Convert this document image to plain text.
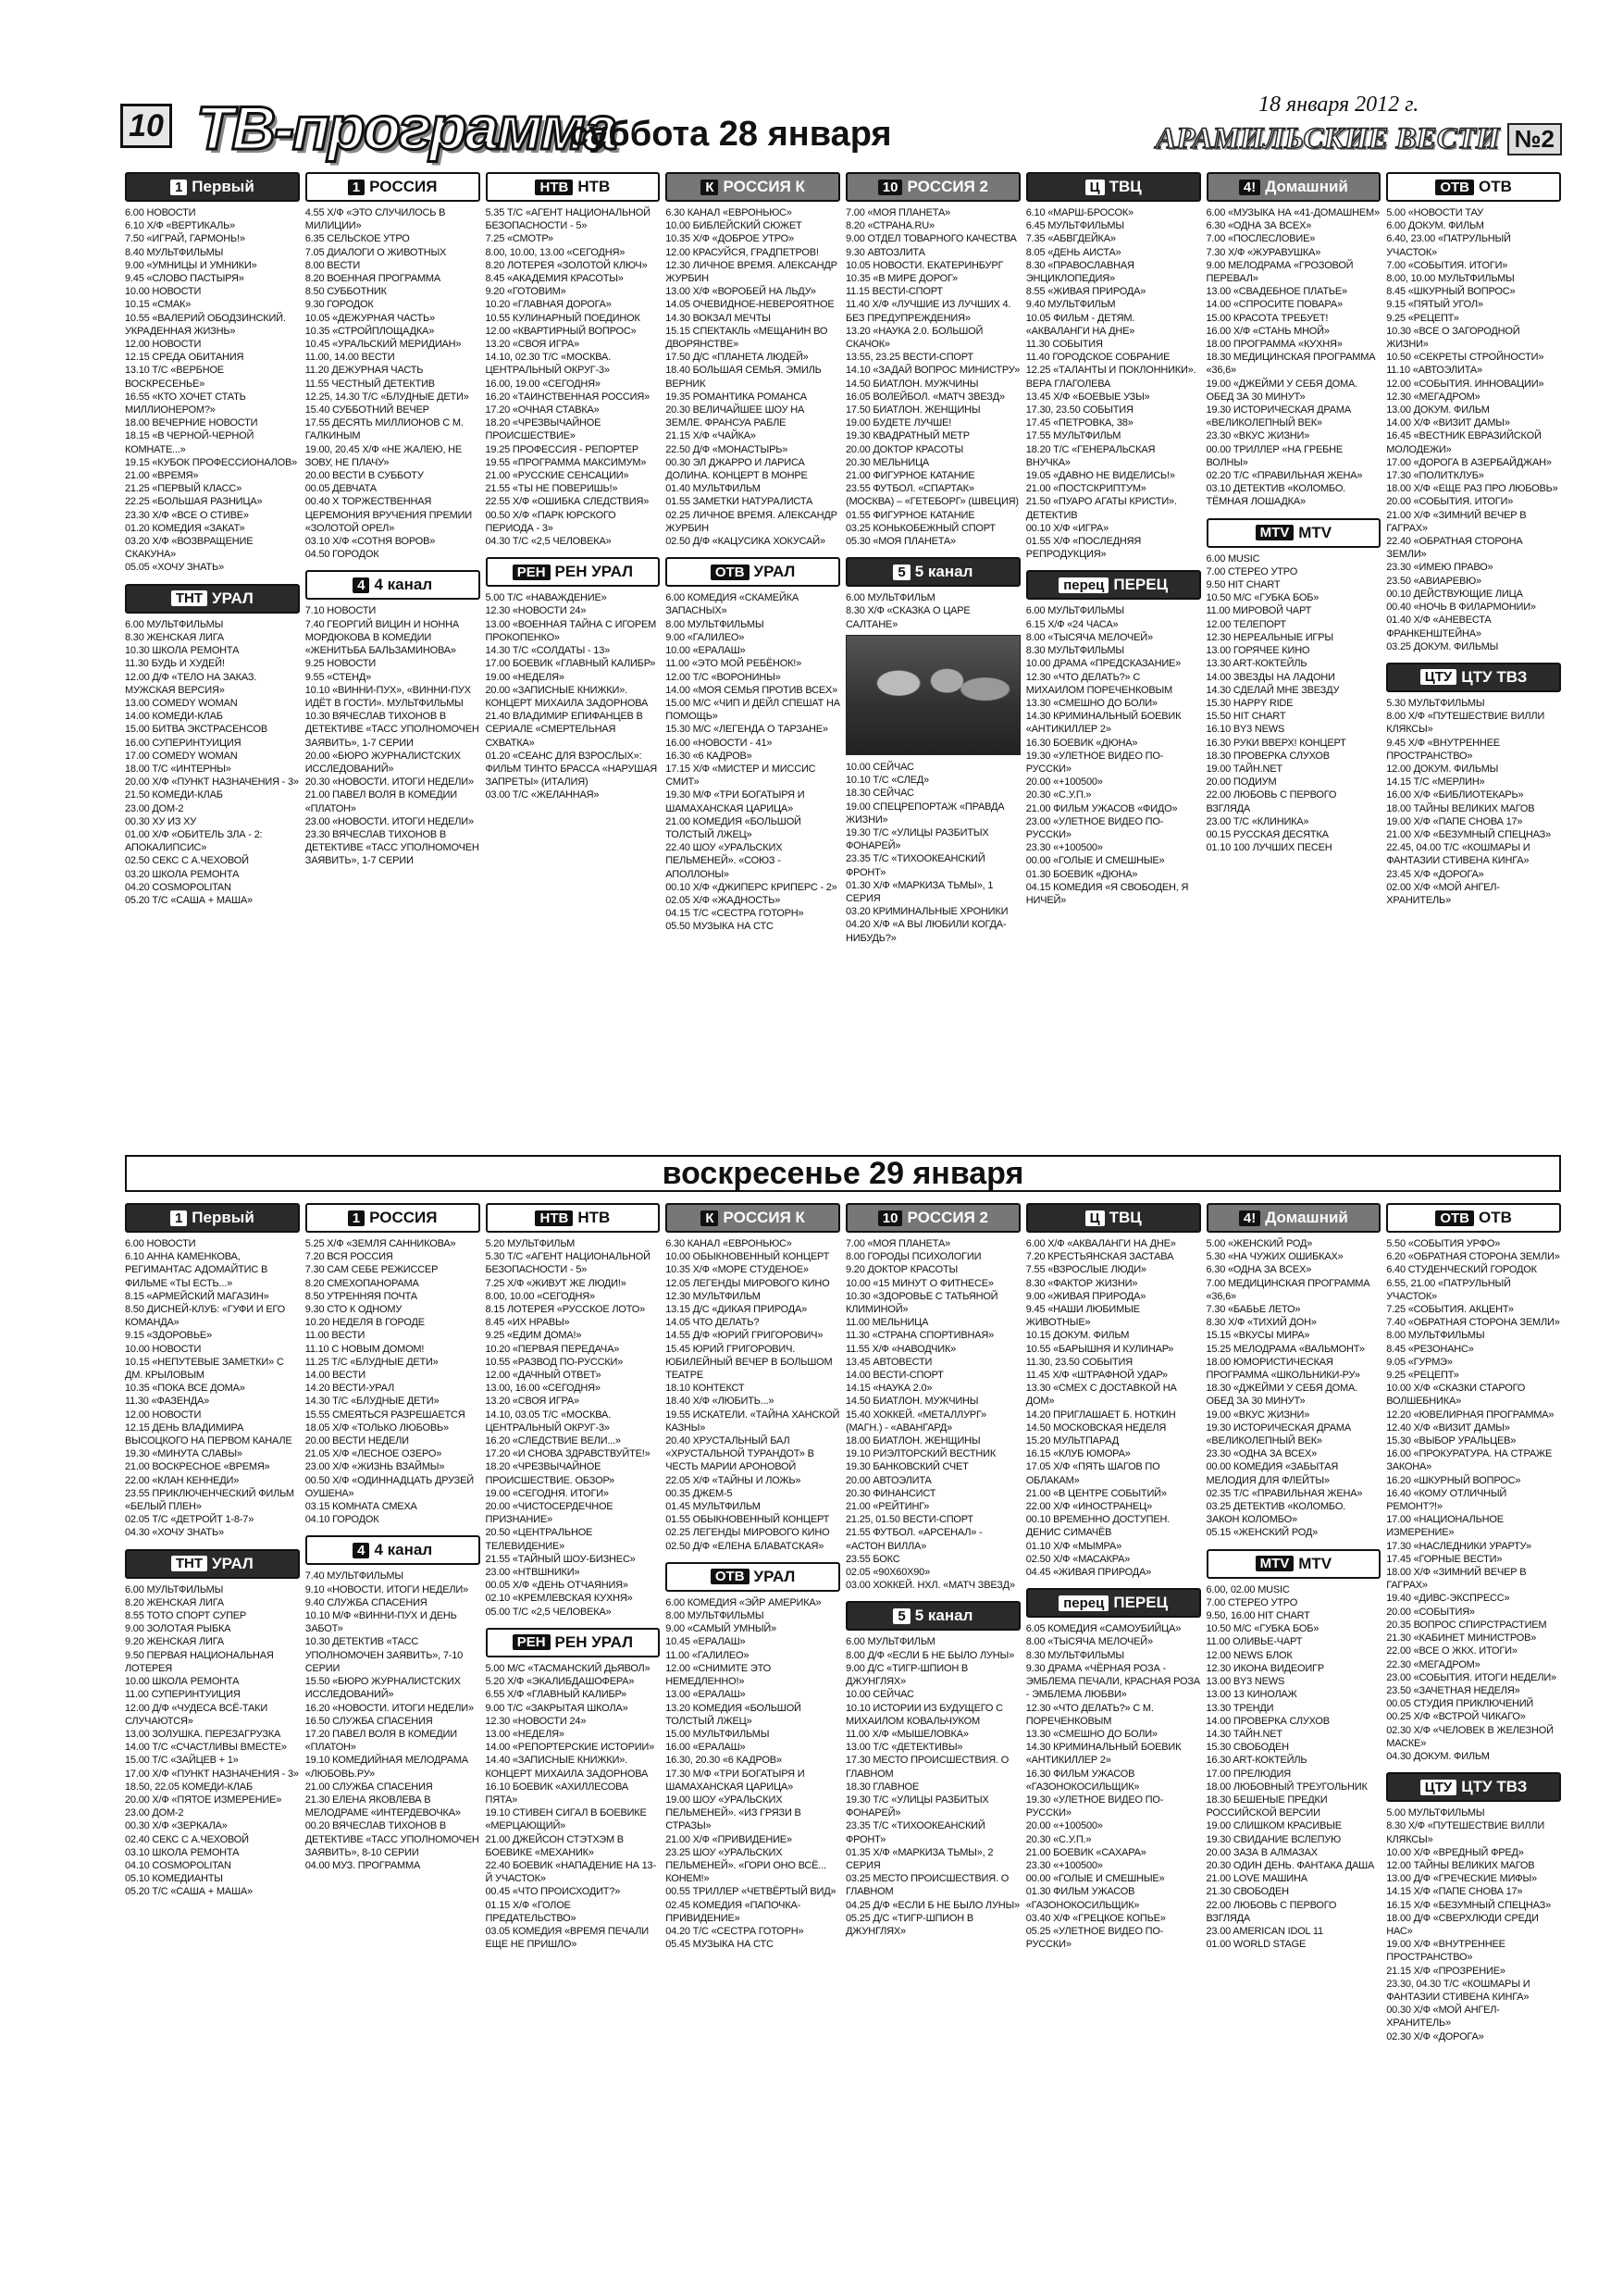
10 ТВ-программа
суббота 28 января
18 января 2012 г.
АРАМИЛЬСКИЕ ВЕСТИ №2
1 Первый

6.00 НОВОСТИ

6.10 Х/Ф «ВЕРТИКАЛЬ»

7.50 «ИГРАЙ, ГАРМОНЬ!»

8.40 МУЛЬТФИЛЬМЫ

9.00 «УМНИЦЫ И УМНИКИ»

9.45 «СЛОВО ПАСТЫРЯ»

10.00 НОВОСТИ

10.15 «СМАК»

10.55 «ВАЛЕРИЙ ОБОДЗИНСКИЙ. УКРАДЕННАЯ ЖИЗНЬ»

12.00 НОВОСТИ

12.15 СРЕДА ОБИТАНИЯ

13.10 Т/С «ВЕРБНОЕ ВОСКРЕСЕНЬЕ»

16.55 «КТО ХОЧЕТ СТАТЬ МИЛЛИОНЕРОМ?»

18.00 ВЕЧЕРНИЕ НОВОСТИ

18.15 «В ЧЕРНОЙ-ЧЕРНОЙ КОМНАТЕ...»

19.15 «КУБОК ПРОФЕССИОНАЛОВ»

21.00 «ВРЕМЯ»

21.25 «ПЕРВЫЙ КЛАСС»

22.25 «БОЛЬШАЯ РАЗНИЦА»

23.30 Х/Ф «ВСЕ О СТИВЕ»

01.20 КОМЕДИЯ «ЗАКАТ»

03.20 Х/Ф «ВОЗВРАЩЕНИЕ СКАКУНА»

05.05 «ХОЧУ ЗНАТЬ»

ТНТ УРАЛ

6.00 МУЛЬТФИЛЬМЫ

8.30 ЖЕНСКАЯ ЛИГА

10.30 ШКОЛА РЕМОНТА

11.30 БУДЬ И ХУДЕЙ!

12.00 Д/Ф «ТЕЛО НА ЗАКАЗ. МУЖСКАЯ ВЕРСИЯ»

13.00 COMEDY WOMAN

14.00 КОМЕДИ-КЛАБ

15.00 БИТВА ЭКСТРАСЕНСОВ

16.00 СУПЕРИНТУИЦИЯ

17.00 COMEDY WOMAN

18.00 Т/С «ИНТЕРНЫ»

20.00 Х/Ф «ПУНКТ НАЗНАЧЕНИЯ - 3»

21.50 КОМЕДИ-КЛАБ

23.00 ДОМ-2

00.30 ХУ ИЗ ХУ

01.00 Х/Ф «ОБИТЕЛЬ ЗЛА - 2: АПОКАЛИПСИС»

02.50 СЕКС С А.ЧЕХОВОЙ

03.20 ШКОЛА РЕМОНТА

04.20 COSMOPOLITAN

05.20 Т/С «САША + МАША»

1 РОССИЯ

4.55 Х/Ф «ЭТО СЛУЧИЛОСЬ В МИЛИЦИИ»

6.35 СЕЛЬСКОЕ УТРО

7.05 ДИАЛОГИ О ЖИВОТНЫХ

8.00 ВЕСТИ

8.20 ВОЕННАЯ ПРОГРАММА

8.50 СУББОТНИК

9.30 ГОРОДОК

10.05 «ДЕЖУРНАЯ ЧАСТЬ»

10.35 «СТРОЙПЛОЩАДКА»

10.45 «УРАЛЬСКИЙ МЕРИДИАН»

11.00, 14.00 ВЕСТИ

11.20 ДЕЖУРНАЯ ЧАСТЬ

11.55 ЧЕСТНЫЙ ДЕТЕКТИВ

12.25, 14.30 Т/С «БЛУДНЫЕ ДЕТИ»

15.40 СУББОТНИЙ ВЕЧЕР

17.55 ДЕСЯТЬ МИЛЛИОНОВ С М. ГАЛКИНЫМ

19.00, 20.45 Х/Ф «НЕ ЖАЛЕЮ, НЕ ЗОВУ, НЕ ПЛАЧУ»

20.00 ВЕСТИ В СУББОТУ

00.05 ДЕВЧАТА

00.40 X ТОРЖЕСТВЕННАЯ ЦЕРЕМОНИЯ ВРУЧЕНИЯ ПРЕМИИ «ЗОЛОТОЙ ОРЕЛ»

03.10 Х/Ф «СОТНЯ ВОРОВ»

04.50 ГОРОДОК

4 4 канал

7.10 НОВОСТИ

7.40 ГЕОРГИЙ ВИЦИН И НОННА МОРДЮКОВА В КОМЕДИИ «ЖЕНИТЬБА БАЛЬЗАМИНОВА»

9.25 НОВОСТИ

9.55 «СТЕНД»

10.10 «ВИННИ-ПУХ», «ВИННИ-ПУХ ИДЁТ В ГОСТИ». МУЛЬТФИЛЬМЫ

10.30 ВЯЧЕСЛАВ ТИХОНОВ В ДЕТЕКТИВЕ «ТАСС УПОЛНОМОЧЕН ЗАЯВИТЬ», 1-7 СЕРИИ

20.00 «БЮРО ЖУРНАЛИСТСКИХ ИССЛЕДОВАНИЙ»

20.30 «НОВОСТИ. ИТОГИ НЕДЕЛИ»

21.00 ПАВЕЛ ВОЛЯ В КОМЕДИИ «ПЛАТОН»

23.00 «НОВОСТИ. ИТОГИ НЕДЕЛИ»

23.30 ВЯЧЕСЛАВ ТИХОНОВ В ДЕТЕКТИВЕ «ТАСС УПОЛНОМОЧЕН ЗАЯВИТЬ», 1-7 СЕРИИ

НТВ НТВ

5.35 Т/С «АГЕНТ НАЦИОНАЛЬНОЙ БЕЗОПАСНОСТИ - 5»

7.25 «СМОТР»

8.00, 10.00, 13.00 «СЕГОДНЯ»

8.20 ЛОТЕРЕЯ «ЗОЛОТОЙ КЛЮЧ»

8.45 «АКАДЕМИЯ КРАСОТЫ»

9.20 «ГОТОВИМ»

10.20 «ГЛАВНАЯ ДОРОГА»

10.55 КУЛИНАРНЫЙ ПОЕДИНОК

12.00 «КВАРТИРНЫЙ ВОПРОС»

13.20 «СВОЯ ИГРА»

14.10, 02.30 Т/С «МОСКВА. ЦЕНТРАЛЬНЫЙ ОКРУГ-3»

16.00, 19.00 «СЕГОДНЯ»

16.20 «ТАИНСТВЕННАЯ РОССИЯ»

17.20 «ОЧНАЯ СТАВКА»

18.20 «ЧРЕЗВЫЧАЙНОЕ ПРОИСШЕСТВИЕ»

19.25 ПРОФЕССИЯ - РЕПОРТЕР

19.55 «ПРОГРАММА МАКСИМУМ»

21.00 «РУССКИЕ СЕНСАЦИИ»

21.55 «ТЫ НЕ ПОВЕРИШЬ!»

22.55 Х/Ф «ОШИБКА СЛЕДСТВИЯ»

00.50 Х/Ф «ПАРК ЮРСКОГО ПЕРИОДА - 3»

04.30 Т/С «2,5 ЧЕЛОВЕКА»

РЕН РЕН УРАЛ

5.00 Т/С «НАВАЖДЕНИЕ»

12.30 «НОВОСТИ 24»

13.00 «ВОЕННАЯ ТАЙНА С ИГОРЕМ ПРОКОПЕНКО»

14.30 Т/С «СОЛДАТЫ - 13»

17.00 БОЕВИК «ГЛАВНЫЙ КАЛИБР»

19.00 «НЕДЕЛЯ»

20.00 «ЗАПИСНЫЕ КНИЖКИ». КОНЦЕРТ МИХАИЛА ЗАДОРНОВА

21.40 ВЛАДИМИР ЕПИФАНЦЕВ В СЕРИАЛЕ «СМЕРТЕЛЬНАЯ СХВАТКА»

01.20 «СЕАНС ДЛЯ ВЗРОСЛЫХ»: ФИЛЬМ ТИНТО БРАССА «НАРУШАЯ ЗАПРЕТЫ» (ИТАЛИЯ)

03.00 Т/С «ЖЕЛАННАЯ»

К РОССИЯ К

6.30 КАНАЛ «ЕВРОНЬЮС»

10.00 БИБЛЕЙСКИЙ СЮЖЕТ

10.35 Х/Ф «ДОБРОЕ УТРО»

12.00 КРАСУЙСЯ, ГРАДПЕТРОВ!

12.30 ЛИЧНОЕ ВРЕМЯ. АЛЕКСАНДР ЖУРБИН

13.00 Х/Ф «ВОРОБЕЙ НА ЛЬДУ»

14.05 ОЧЕВИДНОЕ-НЕВЕРОЯТНОЕ

14.30 ВОКЗАЛ МЕЧТЫ

15.15 СПЕКТАКЛЬ «МЕЩАНИН ВО ДВОРЯНСТВЕ»

17.50 Д/С «ПЛАНЕТА ЛЮДЕЙ»

18.40 БОЛЬШАЯ СЕМЬЯ. ЭМИЛЬ ВЕРНИК

19.35 РОМАНТИКА РОМАНСА

20.30 ВЕЛИЧАЙШЕЕ ШОУ НА ЗЕМЛЕ. ФРАНСУА РАБЛЕ

21.15 Х/Ф «ЧАЙКА»

22.50 Д/Ф «МОНАСТЫРЬ»

00.30 ЭЛ ДЖАРРО И ЛАРИСА ДОЛИНА. КОНЦЕРТ В МОНРЕ

01.40 МУЛЬТФИЛЬМ

01.55 ЗАМЕТКИ НАТУРАЛИСТА

02.25 ЛИЧНОЕ ВРЕМЯ. АЛЕКСАНДР ЖУРБИН

02.50 Д/Ф «КАЦУСИКА ХОКУСАЙ»

ОТВ УРАЛ

6.00 КОМЕДИЯ «СКАМЕЙКА ЗАПАСНЫХ»

8.00 МУЛЬТФИЛЬМЫ

9.00 «ГАЛИЛЕО»

10.00 «ЕРАЛАШ»

11.00 «ЭТО МОЙ РЕБЁНОК!»

12.00 Т/С «ВОРОНИНЫ»

14.00 «МОЯ СЕМЬЯ ПРОТИВ ВСЕХ»

15.00 М/С «ЧИП И ДЕЙЛ СПЕШАТ НА ПОМОЩЬ»

15.30 М/С «ЛЕГЕНДА О ТАРЗАНЕ»

16.00 «НОВОСТИ - 41»

16.30 «6 КАДРОВ»

17.15 Х/Ф «МИСТЕР И МИССИС СМИТ»

19.30 М/Ф «ТРИ БОГАТЫРЯ И ШАМАХАНСКАЯ ЦАРИЦА»

21.00 КОМЕДИЯ «БОЛЬШОЙ ТОЛСТЫЙ ЛЖЕЦ»

22.40 ШОУ «УРАЛЬСКИХ ПЕЛЬМЕНЕЙ». «СОЮЗ - АПОЛЛОНЫ»

00.10 Х/Ф «ДЖИПЕРС КРИПЕРС - 2»

02.05 Х/Ф «ЖАДНОСТЬ»

04.15 Т/С «СЕСТРА ГОТОРН»

05.50 МУЗЫКА НА СТС

10 РОССИЯ 2

7.00 «МОЯ ПЛАНЕТА»

8.20 «СТРАНА.RU»

9.00 ОТДЕЛ ТОВАРНОГО КАЧЕСТВА

9.30 АВТОЗЛИТА

10.05 НОВОСТИ. ЕКАТЕРИНБУРГ

10.35 «В МИРЕ ДОРОГ»

11.15 ВЕСТИ-СПОРТ

11.40 Х/Ф «ЛУЧШИЕ ИЗ ЛУЧШИХ 4. БЕЗ ПРЕДУПРЕЖДЕНИЯ»

13.20 «НАУКА 2.0. БОЛЬШОЙ СКАЧОК»

13.55, 23.25 ВЕСТИ-СПОРТ

14.10 «ЗАДАЙ ВОПРОС МИНИСТРУ»

14.50 БИАТЛОН. МУЖЧИНЫ

16.05 ВОЛЕЙБОЛ. «МАТЧ ЗВЕЗД»

17.50 БИАТЛОН. ЖЕНЩИНЫ

19.00 БУДЕТЕ ЛУЧШЕ!

19.30 КВАДРАТНЫЙ МЕТР

20.00 ДОКТОР КРАСОТЫ

20.30 МЕЛЬНИЦА

21.00 ФИГУРНОЕ КАТАНИЕ

23.55 ФУТБОЛ. «СПАРТАК» (МОСКВА) – «ГЕТЕБОРГ» (ШВЕЦИЯ)

01.55 ФИГУРНОЕ КАТАНИЕ

03.25 КОНЬКОБЕЖНЫЙ СПОРТ

05.30 «МОЯ ПЛАНЕТА»

5 5 канал

6.00 МУЛЬТФИЛЬМ

8.30 Х/Ф «СКАЗКА О ЦАРЕ САЛТАНЕ»

10.00 СЕЙЧАС

10.10 Т/С «СЛЕД»

18.30 СЕЙЧАС

19.00 СПЕЦРЕПОРТАЖ «ПРАВДА ЖИЗНИ»

19.30 Т/С «УЛИЦЫ РАЗБИТЫХ ФОНАРЕЙ»

23.35 Т/С «ТИХООКЕАНСКИЙ ФРОНТ»

01.30 Х/Ф «МАРКИЗА ТЬМЫ», 1 СЕРИЯ

03.20 КРИМИНАЛЬНЫЕ ХРОНИКИ

04.20 Х/Ф «А ВЫ ЛЮБИЛИ КОГДА-НИБУДЬ?»

Ц ТВЦ

6.10 «МАРШ-БРОСОК»

6.45 МУЛЬТФИЛЬМЫ

7.35 «АБВГДЕЙКА»

8.05 «ДЕНЬ АИСТА»

8.30 «ПРАВОСЛАВНАЯ ЭНЦИКЛОПЕДИЯ»

8.55 «ЖИВАЯ ПРИРОДА»

9.40 МУЛЬТФИЛЬМ

10.05 ФИЛЬМ - ДЕТЯМ. «АКВАЛАНГИ НА ДНЕ»

11.30 СОБЫТИЯ

11.40 ГОРОДСКОЕ СОБРАНИЕ

12.25 «ТАЛАНТЫ И ПОКЛОННИКИ». ВЕРА ГЛАГОЛЕВА

13.45 Х/Ф «БОЕВЫЕ УЗЫ»

17.30, 23.50 СОБЫТИЯ

17.45 «ПЕТРОВКА, 38»

17.55 МУЛЬТФИЛЬМ

18.20 Т/С «ГЕНЕРАЛЬСКАЯ ВНУЧКА»

19.05 «ДАВНО НЕ ВИДЕЛИСЬ!»

21.00 «ПОСТСКРИПТУМ»

21.50 «ПУАРО АГАТЫ КРИСТИ». ДЕТЕКТИВ

00.10 Х/Ф «ИГРА»

01.55 Х/Ф «ПОСЛЕДНЯЯ РЕПРОДУКЦИЯ»

перец ПЕРЕЦ

6.00 МУЛЬТФИЛЬМЫ

6.15 Х/Ф «24 ЧАСА»

8.00 «ТЫСЯЧА МЕЛОЧЕЙ»

8.30 МУЛЬТФИЛЬМЫ

10.00 ДРАМА «ПРЕДСКАЗАНИЕ»

12.30 «ЧТО ДЕЛАТЬ?» С МИХАИЛОМ ПОРЕЧЕНКОВЫМ

13.30 «СМЕШНО ДО БОЛИ»

14.30 КРИМИНАЛЬНЫЙ БОЕВИК «АНТИКИЛЛЕР 2»

16.30 БОЕВИК «ДЮНА»

19.30 «УЛЕТНОЕ ВИДЕО ПО-РУССКИ»

20.00 «+100500»

20.30 «С.У.П.»

21.00 ФИЛЬМ УЖАСОВ «ФИДО»

23.00 «УЛЕТНОЕ ВИДЕО ПО-РУССКИ»

23.30 «+100500»

00.00 «ГОЛЫЕ И СМЕШНЫЕ»

01.30 БОЕВИК «ДЮНА»

04.15 КОМЕДИЯ «Я СВОБОДЕН, Я НИЧЕЙ»

4! Домашний

6.00 «МУЗЫКА НА «41-ДОМАШНЕМ»

6.30 «ОДНА ЗА ВСЕХ»

7.00 «ПОСЛЕСЛОВИЕ»

7.30 Х/Ф «ЖУРАВУШКА»

9.00 МЕЛОДРАМА «ГРОЗОВОЙ ПЕРЕВАЛ»

13.00 «СВАДЕБНОЕ ПЛАТЬЕ»

14.00 «СПРОСИТЕ ПОВАРА»

15.00 КРАСОТА ТРЕБУЕТ!

16.00 Х/Ф «СТАНЬ МНОЙ»

18.00 ПРОГРАММА «КУХНЯ»

18.30 МЕДИЦИНСКАЯ ПРОГРАММА «36,6»

19.00 «ДЖЕЙМИ У СЕБЯ ДОМА. ОБЕД ЗА 30 МИНУТ»

19.30 ИСТОРИЧЕСКАЯ ДРАМА «ВЕЛИКОЛЕПНЫЙ ВЕК»

23.30 «ВКУС ЖИЗНИ»

00.00 ТРИЛЛЕР «НА ГРЕБНЕ ВОЛНЫ»

02.20 Т/С «ПРАВИЛЬНАЯ ЖЕНА»

03.10 ДЕТЕКТИВ «КОЛОМБО. ТЁМНАЯ ЛОШАДКА»

MTV MTV

6.00 MUSIC

7.00 СТЕРЕО УТРО

9.50 HIT CHART

10.50 М/С «ГУБКА БОБ»

11.00 МИРОВОЙ ЧАРТ

12.00 ТЕЛЕПОРТ

12.30 НЕРЕАЛЬНЫЕ ИГРЫ

13.00 ГОРЯЧЕЕ КИНО

13.30 ART-КОКТЕЙЛЬ

14.00 ЗВЕЗДЫ НА ЛАДОНИ

14.30 СДЕЛАЙ МНЕ ЗВЕЗДУ

15.30 HAPPY RIDE

15.50 HIT CHART

16.10 BY3 NEWS

16.30 РУКИ ВВЕРХ! КОНЦЕРТ

18.30 ПРОВЕРКА СЛУХОВ

19.00 ТАЙН.NET

20.00 ПОДИУМ

22.00 ЛЮБОВЬ С ПЕРВОГО ВЗГЛЯДА

23.00 Т/С «КЛИНИКА»

00.15 РУССКАЯ ДЕСЯТКА

01.10 100 ЛУЧШИХ ПЕСЕН

ОТВ ОТВ

5.00 «НОВОСТИ ТАУ

6.00 ДОКУМ. ФИЛЬМ

6.40, 23.00 «ПАТРУЛЬНЫЙ УЧАСТОК»

7.00 «СОБЫТИЯ. ИТОГИ»

8.00, 10.00 МУЛЬТФИЛЬМЫ

8.45 «ШКУРНЫЙ ВОПРОС»

9.15 «ПЯТЫЙ УГОЛ»

9.25 «РЕЦЕПТ»

10.30 «ВСЕ О ЗАГОРОДНОЙ ЖИЗНИ»

10.50 «СЕКРЕТЫ СТРОЙНОСТИ»

11.10 «АВТОЭЛИТА»

12.00 «СОБЫТИЯ. ИННОВАЦИИ»

12.30 «МЕГАДРОМ»

13.00 ДОКУМ. ФИЛЬМ

14.00 Х/Ф «ВИЗИТ ДАМЫ»

16.45 «ВЕСТНИК ЕВРАЗИЙСКОЙ МОЛОДЕЖИ»

17.00 «ДОРОГА В АЗЕРБАЙДЖАН»

17.30 «ПОЛИТКЛУБ»

18.00 Х/Ф «ЕЩЕ РАЗ ПРО ЛЮБОВЬ»

20.00 «СОБЫТИЯ. ИТОГИ»

21.00 Х/Ф «ЗИМНИЙ ВЕЧЕР В ГАГРАХ»

22.40 «ОБРАТНАЯ СТОРОНА ЗЕМЛИ»

23.30 «ИМЕЮ ПРАВО»

23.50 «АВИАРЕВЮ»

00.10 ДЕЙСТВУЮЩИЕ ЛИЦА

00.40 «НОЧЬ В ФИЛАРМОНИИ»

01.40 Х/Ф «АНЕВЕСТА ФРАНКЕНШТЕЙНА»

03.25 ДОКУМ. ФИЛЬМЫ

ЦТУ ЦТУ ТВЗ

5.30 МУЛЬТФИЛЬМЫ

8.00 Х/Ф «ПУТЕШЕСТВИЕ ВИЛЛИ КЛЯКСЫ»

9.45 Х/Ф «ВНУТРЕННЕЕ ПРОСТРАНСТВО»

12.00 ДОКУМ. ФИЛЬМЫ

14.15 Т/С «МЕРЛИН»

16.00 Х/Ф «БИБЛИОТЕКАРЬ»

18.00 ТАЙНЫ ВЕЛИКИХ МАГОВ

19.00 Х/Ф «ПАПЕ СНОВА 17»

21.00 Х/Ф «БЕЗУМНЫЙ СПЕЦНАЗ»

22.45, 04.00 Т/С «КОШМАРЫ И ФАНТАЗИИ СТИВЕНА КИНГА»

23.45 Х/Ф «ДОРОГА»

02.00 Х/Ф «МОЙ АНГЕЛ-ХРАНИТЕЛЬ»

воскресенье 29 января
1 Первый

6.00 НОВОСТИ

6.10 АННА КАМЕНКОВА, РЕГИМАНТАС АДОМАЙТИС В ФИЛЬМЕ «ТЫ ЕСТЬ...»

8.15 «АРМЕЙСКИЙ МАГАЗИН»

8.50 ДИСНЕЙ-КЛУБ: «ГУФИ И ЕГО КОМАНДА»

9.15 «ЗДОРОВЬЕ»

10.00 НОВОСТИ

10.15 «НЕПУТЕВЫЕ ЗАМЕТКИ» С ДМ. КРЫЛОВЫМ

10.35 «ПОКА ВСЕ ДОМА»

11.30 «ФАЗЕНДА»

12.00 НОВОСТИ

12.15 ДЕНЬ ВЛАДИМИРА ВЫСОЦКОГО НА ПЕРВОМ КАНАЛЕ

19.30 «МИНУТА СЛАВЫ»

21.00 ВОСКРЕСНОЕ «ВРЕМЯ»

22.00 «КЛАН КЕННЕДИ»

23.55 ПРИКЛЮЧЕНЧЕСКИЙ ФИЛЬМ «БЕЛЫЙ ПЛЕН»

02.05 Т/С «ДЕТРОЙТ 1-8-7»

04.30 «ХОЧУ ЗНАТЬ»

ТНТ УРАЛ

6.00 МУЛЬТФИЛЬМЫ

8.20 ЖЕНСКАЯ ЛИГА

8.55 ТОТО СПОРТ СУПЕР

9.00 ЗОЛОТАЯ РЫБКА

9.20 ЖЕНСКАЯ ЛИГА

9.50 ПЕРВАЯ НАЦИОНАЛЬНАЯ ЛОТЕРЕЯ

10.00 ШКОЛА РЕМОНТА

11.00 СУПЕРИНТУИЦИЯ

12.00 Д/Ф «ЧУДЕСА ВСЁ-ТАКИ СЛУЧАЮТСЯ»

13.00 ЗОЛУШКА. ПЕРЕЗАГРУЗКА

14.00 Т/С «СЧАСТЛИВЫ ВМЕСТЕ»

15.00 Т/С «ЗАЙЦЕВ + 1»

17.00 Х/Ф «ПУНКТ НАЗНАЧЕНИЯ - 3»

18.50, 22.05 КОМЕДИ-КЛАБ

20.00 Х/Ф «ПЯТОЕ ИЗМЕРЕНИЕ»

23.00 ДОМ-2

00.30 Х/Ф «ЗЕРКАЛА»

02.40 СЕКС С А.ЧЕХОВОЙ

03.10 ШКОЛА РЕМОНТА

04.10 COSMOPOLITAN

05.10 КОМЕДИАНТЫ

05.20 Т/С «САША + МАША»

1 РОССИЯ

5.25 Х/Ф «ЗЕМЛЯ САННИКОВА»

7.20 ВСЯ РОССИЯ

7.30 САМ СЕБЕ РЕЖИССЕР

8.20 СМЕХОПАНОРАМА

8.50 УТРЕННЯЯ ПОЧТА

9.30 СТО К ОДНОМУ

10.20 НЕДЕЛЯ В ГОРОДЕ

11.00 ВЕСТИ

11.10 С НОВЫМ ДОМОМ!

11.25 Т/С «БЛУДНЫЕ ДЕТИ»

14.00 ВЕСТИ

14.20 ВЕСТИ-УРАЛ

14.30 Т/С «БЛУДНЫЕ ДЕТИ»

15.55 СМЕЯТЬСЯ РАЗРЕШАЕТСЯ

18.05 Х/Ф «ТОЛЬКО ЛЮБОВЬ»

20.00 ВЕСТИ НЕДЕЛИ

21.05 Х/Ф «ЛЕСНОЕ ОЗЕРО»

23.00 Х/Ф «ЖИЗНЬ ВЗАЙМЫ»

00.50 Х/Ф «ОДИННАДЦАТЬ ДРУЗЕЙ ОУШЕНА»

03.15 КОМНАТА СМЕХА

04.10 ГОРОДОК

4 4 канал

7.40 МУЛЬТФИЛЬМЫ

9.10 «НОВОСТИ. ИТОГИ НЕДЕЛИ»

9.40 СЛУЖБА СПАСЕНИЯ

10.10 М/Ф «ВИННИ-ПУХ И ДЕНЬ ЗАБОТ»

10.30 ДЕТЕКТИВ «ТАСС УПОЛНОМОЧЕН ЗАЯВИТЬ», 7-10 СЕРИИ

15.50 «БЮРО ЖУРНАЛИСТСКИХ ИССЛЕДОВАНИЙ»

16.20 «НОВОСТИ. ИТОГИ НЕДЕЛИ»

16.50 СЛУЖБА СПАСЕНИЯ

17.20 ПАВЕЛ ВОЛЯ В КОМЕДИИ «ПЛАТОН»

19.10 КОМЕДИЙНАЯ МЕЛОДРАМА «ЛЮБОВЬ.РУ»

21.00 СЛУЖБА СПАСЕНИЯ

21.30 ЕЛЕНА ЯКОВЛЕВА В МЕЛОДРАМЕ «ИНТЕРДЕВОЧКА»

00.20 ВЯЧЕСЛАВ ТИХОНОВ В ДЕТЕКТИВЕ «ТАСС УПОЛНОМОЧЕН ЗАЯВИТЬ», 8-10 СЕРИИ

04.00 МУЗ. ПРОГРАММА

НТВ НТВ

5.20 МУЛЬТФИЛЬМ

5.30 Т/С «АГЕНТ НАЦИОНАЛЬНОЙ БЕЗОПАСНОСТИ - 5»

7.25 Х/Ф «ЖИВУТ ЖЕ ЛЮДИ!»

8.00, 10.00 «СЕГОДНЯ»

8.15 ЛОТЕРЕЯ «РУССКОЕ ЛОТО»

8.45 «ИХ НРАВЫ»

9.25 «ЕДИМ ДОМА!»

10.20 «ПЕРВАЯ ПЕРЕДАЧА»

10.55 «РАЗВОД ПО-РУССКИ»

12.00 «ДАЧНЫЙ ОТВЕТ»

13.00, 16.00 «СЕГОДНЯ»

13.20 «СВОЯ ИГРА»

14.10, 03.05 Т/С «МОСКВА. ЦЕНТРАЛЬНЫЙ ОКРУГ-3»

16.20 «СЛЕДСТВИЕ ВЕЛИ...»

17.20 «И СНОВА ЗДРАВСТВУЙТЕ!»

18.20 «ЧРЕЗВЫЧАЙНОЕ ПРОИСШЕСТВИЕ. ОБЗОР»

19.00 «СЕГОДНЯ. ИТОГИ»

20.00 «ЧИСТОСЕРДЕЧНОЕ ПРИЗНАНИЕ»

20.50 «ЦЕНТРАЛЬНОЕ ТЕЛЕВИДЕНИЕ»

21.55 «ТАЙНЫЙ ШОУ-БИЗНЕС»

23.00 «НТВШНИКИ»

00.05 Х/Ф «ДЕНЬ ОТЧАЯНИЯ»

02.10 «КРЕМЛЕВСКАЯ КУХНЯ»

05.00 Т/С «2,5 ЧЕЛОВЕКА»

РЕН РЕН УРАЛ

5.00 М/С «ТАСМАНСКИЙ ДЬЯВОЛ»

5.20 Х/Ф «ЭКАЛИБДАШОФЕРА»

6.55 Х/Ф «ГЛАВНЫЙ КАЛИБР»

9.00 Т/С «ЗАКРЫТАЯ ШКОЛА»

12.30 «НОВОСТИ 24»

13.00 «НЕДЕЛЯ»

14.00 «РЕПОРТЕРСКИЕ ИСТОРИИ»

14.40 «ЗАПИСНЫЕ КНИЖКИ». КОНЦЕРТ МИХАИЛА ЗАДОРНОВА

16.10 БОЕВИК «АХИЛЛЕСОВА ПЯТА»

19.10 СТИВЕН СИГАЛ В БОЕВИКЕ «МЕРЦАЮЩИЙ»

21.00 ДЖЕЙСОН СТЭТХЭМ В БОЕВИКЕ «МЕХАНИК»

22.40 БОЕВИК «НАПАДЕНИЕ НА 13-Й УЧАСТОК»

00.45 «ЧТО ПРОИСХОДИТ?»

01.15 Х/Ф «ГОЛОЕ ПРЕДАТЕЛЬСТВО»

03.05 КОМЕДИЯ «ВРЕМЯ ПЕЧАЛИ ЕЩЕ НЕ ПРИШЛО»

К РОССИЯ К

6.30 КАНАЛ «ЕВРОНЬЮС»

10.00 ОБЫКНОВЕННЫЙ КОНЦЕРТ

10.35 Х/Ф «МОРЕ СТУДЕНОЕ»

12.05 ЛЕГЕНДЫ МИРОВОГО КИНО

12.30 МУЛЬТФИЛЬМ

13.15 Д/С «ДИКАЯ ПРИРОДА»

14.05 ЧТО ДЕЛАТЬ?

14.55 Д/Ф «ЮРИЙ ГРИГОРОВИЧ»

15.45 ЮРИЙ ГРИГОРОВИЧ. ЮБИЛЕЙНЫЙ ВЕЧЕР В БОЛЬШОМ ТЕАТРЕ

18.10 КОНТЕКСТ

18.40 Х/Ф «ЛЮБИТЬ...»

19.55 ИСКАТЕЛИ. «ТАЙНА ХАНСКОЙ КАЗНЫ»

20.40 ХРУСТАЛЬНЫЙ БАЛ «ХРУСТАЛЬНОЙ ТУРАНДОТ» В ЧЕСТЬ МАРИИ АРОНОВОЙ

22.05 Х/Ф «ТАЙНЫ И ЛОЖЬ»

00.35 ДЖЕМ-5

01.45 МУЛЬТФИЛЬМ

01.55 ОБЫКНОВЕННЫЙ КОНЦЕРТ

02.25 ЛЕГЕНДЫ МИРОВОГО КИНО

02.50 Д/Ф «ЕЛЕНА БЛАВАТСКАЯ»

ОТВ УРАЛ

6.00 КОМЕДИЯ «ЭЙР АМЕРИКА»

8.00 МУЛЬТФИЛЬМЫ

9.00 «САМЫЙ УМНЫЙ»

10.45 «ЕРАЛАШ»

11.00 «ГАЛИЛЕО»

12.00 «СНИМИТЕ ЭТО НЕМЕДЛЕННО!»

13.00 «ЕРАЛАШ»

13.20 КОМЕДИЯ «БОЛЬШОЙ ТОЛСТЫЙ ЛЖЕЦ»

15.00 МУЛЬТФИЛЬМЫ

16.00 «ЕРАЛАШ»

16.30, 20.30 «6 КАДРОВ»

17.30 М/Ф «ТРИ БОГАТЫРЯ И ШАМАХАНСКАЯ ЦАРИЦА»

19.00 ШОУ «УРАЛЬСКИХ ПЕЛЬМЕНЕЙ». «ИЗ ГРЯЗИ В СТРАЗЫ»

21.00 Х/Ф «ПРИВИДЕНИЕ»

23.25 ШОУ «УРАЛЬСКИХ ПЕЛЬМЕНЕЙ». «ГОРИ ОНО ВСЁ... КОНЕМ!»

00.55 ТРИЛЛЕР «ЧЕТВЁРТЫЙ ВИД»

02.45 КОМЕДИЯ «ПАПОЧКА-ПРИВИДЕНИЕ»

04.20 Т/С «СЕСТРА ГОТОРН»

05.45 МУЗЫКА НА СТС

10 РОССИЯ 2

7.00 «МОЯ ПЛАНЕТА»

8.00 ГОРОДЫ ПСИХОЛОГИИ

9.20 ДОКТОР КРАСОТЫ

10.00 «15 МИНУТ О ФИТНЕСЕ»

10.30 «ЗДОРОВЬЕ С ТАТЬЯНОЙ КЛИМИНОЙ»

11.00 МЕЛЬНИЦА

11.30 «СТРАНА СПОРТИВНАЯ»

11.55 Х/Ф «НАВОДЧИК»

13.45 АВТОВЕСТИ

14.00 ВЕСТИ-СПОРТ

14.15 «НАУКА 2.0»

14.50 БИАТЛОН. МУЖЧИНЫ

15.40 ХОККЕЙ. «МЕТАЛЛУРГ» (МАГН.) - «АВАНГАРД»

18.00 БИАТЛОН. ЖЕНЩИНЫ

19.10 РИЭЛТОРСКИЙ ВЕСТНИК

19.30 БАНКОВСКИЙ СЧЕТ

20.00 АВТОЭЛИТА

20.30 ФИНАНСИСТ

21.00 «РЕЙТИНГ»

21.25, 01.50 ВЕСТИ-СПОРТ

21.55 ФУТБОЛ. «АРСЕНАЛ» - «АСТОН ВИЛЛА»

23.55 БОКС

02.05 «90Х60Х90»

03.00 ХОККЕЙ. НХЛ. «МАТЧ ЗВЕЗД»

5 5 канал

6.00 МУЛЬТФИЛЬМ

8.00 Д/Ф «ЕСЛИ Б НЕ БЫЛО ЛУНЫ»

9.00 Д/С «ТИГР-ШПИОН В ДЖУНГЛЯХ»

10.00 СЕЙЧАС

10.10 ИСТОРИИ ИЗ БУДУЩЕГО С МИХАИЛОМ КОВАЛЬЧУКОМ

11.00 Х/Ф «МЫШЕЛОВКА»

13.00 Т/С «ДЕТЕКТИВЫ»

17.30 МЕСТО ПРОИСШЕСТВИЯ. О ГЛАВНОМ

18.30 ГЛАВНОЕ

19.30 Т/С «УЛИЦЫ РАЗБИТЫХ ФОНАРЕЙ»

23.35 Т/С «ТИХООКЕАНСКИЙ ФРОНТ»

01.35 Х/Ф «МАРКИЗА ТЬМЫ», 2 СЕРИЯ

03.25 МЕСТО ПРОИСШЕСТВИЯ. О ГЛАВНОМ

04.25 Д/Ф «ЕСЛИ Б НЕ БЫЛО ЛУНЫ»

05.25 Д/С «ТИГР-ШПИОН В ДЖУНГЛЯХ»

Ц ТВЦ

6.00 Х/Ф «АКВАЛАНГИ НА ДНЕ»

7.20 КРЕСТЬЯНСКАЯ ЗАСТАВА

7.55 «ВЗРОСЛЫЕ ЛЮДИ»

8.30 «ФАКТОР ЖИЗНИ»

9.00 «ЖИВАЯ ПРИРОДА»

9.45 «НАШИ ЛЮБИМЫЕ ЖИВОТНЫЕ»

10.15 ДОКУМ. ФИЛЬМ

10.55 «БАРЫШНЯ И КУЛИНАР»

11.30, 23.50 СОБЫТИЯ

11.45 Х/Ф «ШТРАФНОЙ УДАР»

13.30 «СМЕХ С ДОСТАВКОЙ НА ДОМ»

14.20 ПРИГЛАШАЕТ Б. НОТКИН

14.50 МОСКОВСКАЯ НЕДЕЛЯ

15.20 МУЛЬТПАРАД

16.15 «КЛУБ ЮМОРА»

17.05 Х/Ф «ПЯТЬ ШАГОВ ПО ОБЛАКАМ»

21.00 «В ЦЕНТРЕ СОБЫТИЙ»

22.00 Х/Ф «ИНОСТРАНЕЦ»

00.10 ВРЕМЕННО ДОСТУПЕН. ДЕНИС СИМАЧЁВ

01.10 Х/Ф «МЫМРА»

02.50 Х/Ф «МАСАКРА»

04.45 «ЖИВАЯ ПРИРОДА»

перец ПЕРЕЦ

6.05 КОМЕДИЯ «САМОУБИЙЦА»

8.00 «ТЫСЯЧА МЕЛОЧЕЙ»

8.30 МУЛЬТФИЛЬМЫ

9.30 ДРАМА «ЧЁРНАЯ РОЗА - ЭМБЛЕМА ПЕЧАЛИ, КРАСНАЯ РОЗА - ЭМБЛЕМА ЛЮБВИ»

12.30 «ЧТО ДЕЛАТЬ?» С М. ПОРЕЧЕНКОВЫМ

13.30 «СМЕШНО ДО БОЛИ»

14.30 КРИМИНАЛЬНЫЙ БОЕВИК «АНТИКИЛЛЕР 2»

16.30 ФИЛЬМ УЖАСОВ «ГАЗОНОКОСИЛЬЩИК»

19.30 «УЛЕТНОЕ ВИДЕО ПО-РУССКИ»

20.00 «+100500»

20.30 «С.У.П.»

21.00 БОЕВИК «САХАРА»

23.30 «+100500»

00.00 «ГОЛЫЕ И СМЕШНЫЕ»

01.30 ФИЛЬМ УЖАСОВ «ГАЗОНОКОСИЛЬЩИК»

03.40 Х/Ф «ГРЕЦКОЕ КОПЬЕ»

05.25 «УЛЕТНОЕ ВИДЕО ПО-РУССКИ»

4! Домашний

5.00 «ЖЕНСКИЙ РОД»

5.30 «НА ЧУЖИХ ОШИБКАХ»

6.30 «ОДНА ЗА ВСЕХ»

7.00 МЕДИЦИНСКАЯ ПРОГРАММА «36,6»

7.30 «БАБЬЕ ЛЕТО»

8.30 Х/Ф «ТИХИЙ ДОН»

15.15 «ВКУСЫ МИРА»

15.25 МЕЛОДРАМА «ВАЛЬМОНТ»

18.00 ЮМОРИСТИЧЕСКАЯ ПРОГРАММА «ШКОЛЬНИКИ-РУ»

18.30 «ДЖЕЙМИ У СЕБЯ ДОМА. ОБЕД ЗА 30 МИНУТ»

19.00 «ВКУС ЖИЗНИ»

19.30 ИСТОРИЧЕСКАЯ ДРАМА «ВЕЛИКОЛЕПНЫЙ ВЕК»

23.30 «ОДНА ЗА ВСЕХ»

00.00 КОМЕДИЯ «ЗАБЫТАЯ МЕЛОДИЯ ДЛЯ ФЛЕЙТЫ»

02.35 Т/С «ПРАВИЛЬНАЯ ЖЕНА»

03.25 ДЕТЕКТИВ «КОЛОМБО. ЗАКОН КОЛОМБО»

05.15 «ЖЕНСКИЙ РОД»

MTV MTV

6.00, 02.00 MUSIC

7.00 СТЕРЕО УТРО

9.50, 16.00 HIT CHART

10.50 М/С «ГУБКА БОБ»

11.00 ОЛИВЬЕ-ЧАРТ

12.00 NEWS БЛОК

12.30 ИКОНА ВИДЕОИГР

13.00 BY3 NEWS

13.00 13 КИНОЛАЖ

13.30 ТРЕНДИ

14.00 ПРОВЕРКА СЛУХОВ

14.30 ТАЙН.NET

15.30 СВОБОДЕН

16.30 ART-КОКТЕЙЛЬ

17.00 ПРЕЛЮДИЯ

18.00 ЛЮБОВНЫЙ ТРЕУГОЛЬНИК

18.30 БЕШЕНЫЕ ПРЕДКИ РОССИЙСКОЙ ВЕРСИИ

19.00 СЛИШКОМ КРАСИВЫЕ

19.30 СВИДАНИЕ ВСЛЕПУЮ

20.00 ЗАЗА В АЛМАЗАХ

20.30 ОДИН ДЕНЬ. ФАНТАКА ДАША

21.00 LOVE МАШИНА

21.30 СВОБОДЕН

22.00 ЛЮБОВЬ С ПЕРВОГО ВЗГЛЯДА

23.00 AMERICAN IDOL 11

01.00 WORLD STAGE

ОТВ ОТВ

5.50 «СОБЫТИЯ УРФО»

6.20 «ОБРАТНАЯ СТОРОНА ЗЕМЛИ»

6.40 СТУДЕНЧЕСКИЙ ГОРОДОК

6.55, 21.00 «ПАТРУЛЬНЫЙ УЧАСТОК»

7.25 «СОБЫТИЯ. АКЦЕНТ»

7.40 «ОБРАТНАЯ СТОРОНА ЗЕМЛИ»

8.00 МУЛЬТФИЛЬМЫ

8.45 «РЕЗОНАНС»

9.05 «ГУРМЭ»

9.25 «РЕЦЕПТ»

10.00 Х/Ф «СКАЗКИ СТАРОГО ВОЛШЕБНИКА»

12.20 «ЮВЕЛИРНАЯ ПРОГРАММА»

12.40 Х/Ф «ВИЗИТ ДАМЫ»

15.30 «ВЫБОР УРАЛЬЦЕВ»

16.00 «ПРОКУРАТУРА. НА СТРАЖЕ ЗАКОНА»

16.20 «ШКУРНЫЙ ВОПРОС»

16.40 «КОМУ ОТЛИЧНЫЙ РЕМОНТ?!»

17.00 «НАЦИОНАЛЬНОЕ ИЗМЕРЕНИЕ»

17.30 «НАСЛЕДНИКИ УРАРТУ»

17.45 «ГОРНЫЕ ВЕСТИ»

18.00 Х/Ф «ЗИМНИЙ ВЕЧЕР В ГАГРАХ»

19.40 «ДИВС-ЭКСПРЕСС»

20.00 «СОБЫТИЯ»

20.35 ВОПРОС СПИРСТРАСТИЕМ

21.30 «КАБИНЕТ МИНИСТРОВ»

22.00 «ВСЕ О ЖКХ. ИТОГИ»

22.30 «МЕГАДРОМ»

23.00 «СОБЫТИЯ. ИТОГИ НЕДЕЛИ»

23.50 «ЗАЧЕТНАЯ НЕДЕЛЯ»

00.05 СТУДИЯ ПРИКЛЮЧЕНИЙ

00.25 Х/Ф «ВСТРОЙ ЧИКАГО»

02.30 Х/Ф «ЧЕЛОВЕК В ЖЕЛЕЗНОЙ МАСКЕ»

04.30 ДОКУМ. ФИЛЬМ

ЦТУ ЦТУ ТВЗ

5.00 МУЛЬТФИЛЬМЫ

8.30 Х/Ф «ПУТЕШЕСТВИЕ ВИЛЛИ КЛЯКСЫ»

10.00 Х/Ф «ВРЕДНЫЙ ФРЕД»

12.00 ТАЙНЫ ВЕЛИКИХ МАГОВ

13.00 Д/Ф «ГРЕЧЕСКИЕ МИФЫ»

14.15 Х/Ф «ПАПЕ СНОВА 17»

16.15 Х/Ф «БЕЗУМНЫЙ СПЕЦНАЗ»

18.00 Д/Ф «СВЕРХЛЮДИ СРЕДИ НАС»

19.00 Х/Ф «ВНУТРЕННЕЕ ПРОСТРАНСТВО»

21.15 Х/Ф «ПРОЗРЕНИЕ»

23.30, 04.30 Т/С «КОШМАРЫ И ФАНТАЗИИ СТИВЕНА КИНГА»

00.30 Х/Ф «МОЙ АНГЕЛ-ХРАНИТЕЛЬ»

02.30 Х/Ф «ДОРОГА»
